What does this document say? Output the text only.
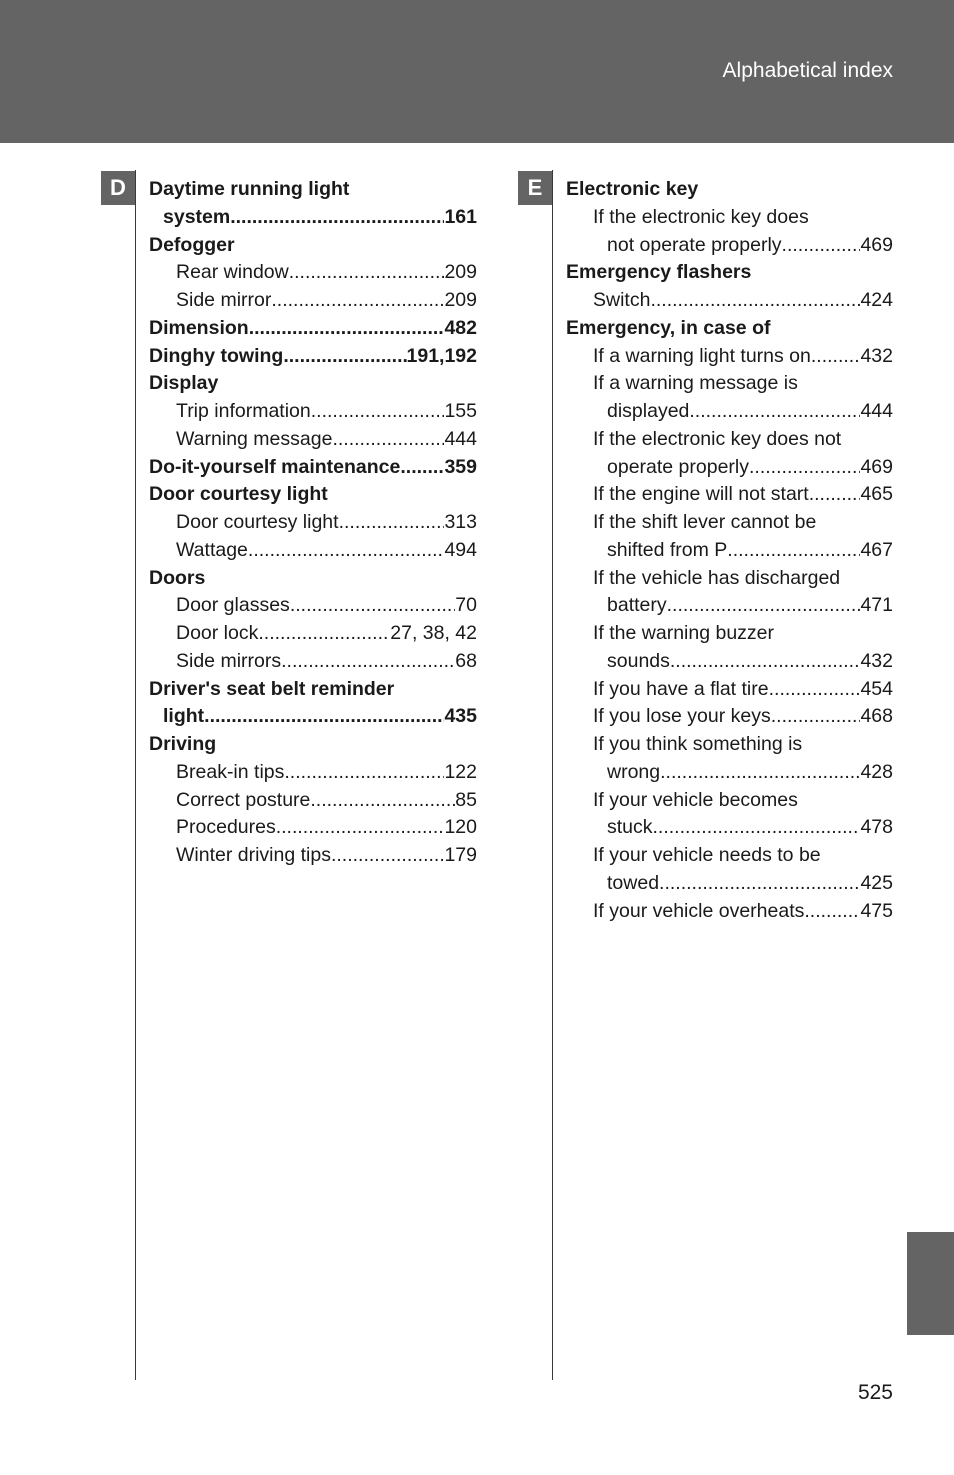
Alphabetical index
D	E
Daytime running light
system .....	161
Defogger
Rear window .....	209
Side mirror .....	209
Dimension .....	482
Dinghy towing .....	191,192
Display
Trip information .....	155
Warning message .....	444
Do-it-yourself maintenance ..... 359
Door courtesy light
Door courtesy light .....	313
Wattage .....	494
Doors
Door glasses .....	70
Door lock .....	27, 38, 42
Side mirrors .....	68
Driver's seat belt reminder
light .....	435
Driving
Break-in tips .....	122
Correct posture .....	85
Procedures .....	120
Winter driving tips .....	179
Electronic key
If the electronic key does
not operate properly .....	469
Emergency flashers
Switch .....	424
Emergency, in case of
If a warning light turns on .....	432
If a warning message is
displayed .....	444
If the electronic key does not
operate properly .....	469
If the engine will not start .....	465
If the shift lever cannot be
shifted from P .....	467
If the vehicle has discharged
battery .....	471
If the warning buzzer
sounds .....	432
If you have a flat tire .....	454
If you lose your keys .....	468
If you think something is
wrong .....	428
If your vehicle becomes
stuck .....	478
If your vehicle needs to be
towed .....	425
If your vehicle overheats .....	475
525
